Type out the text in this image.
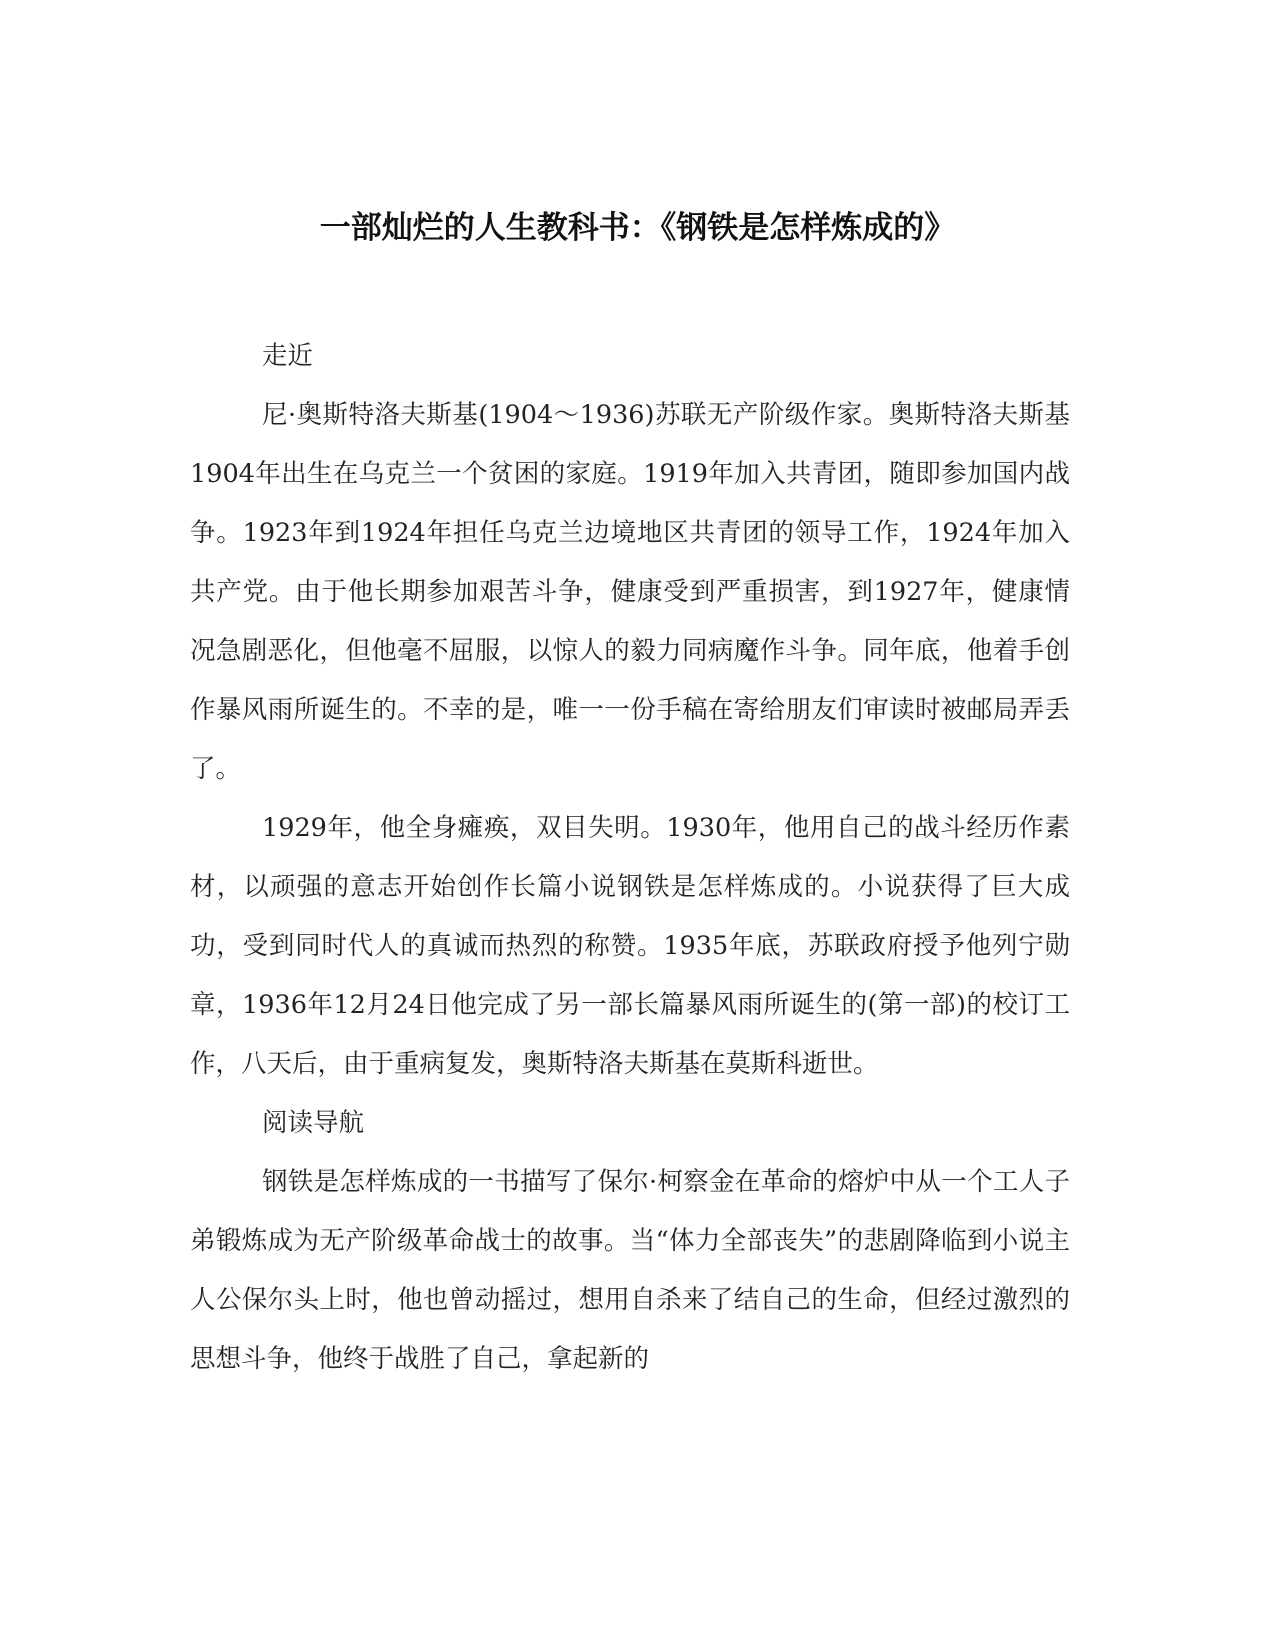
一部灿烂的人生教科书：《钢铁是怎样炼成的》

走近

尼·奥斯特洛夫斯基(1904～1936)苏联无产阶级作家。奥斯特洛夫斯基1904年出生在乌克兰一个贫困的家庭。1919年加入共青团，随即参加国内战争。1923年到1924年担任乌克兰边境地区共青团的领导工作，1924年加入共产党。由于他长期参加艰苦斗争，健康受到严重损害，到1927年，健康情况急剧恶化，但他毫不屈服，以惊人的毅力同病魔作斗争。同年底，他着手创作暴风雨所诞生的。不幸的是，唯一一份手稿在寄给朋友们审读时被邮局弄丢了。

1929年，他全身瘫痪，双目失明。1930年，他用自己的战斗经历作素材，以顽强的意志开始创作长篇小说钢铁是怎样炼成的。小说获得了巨大成功，受到同时代人的真诚而热烈的称赞。1935年底，苏联政府授予他列宁勋章，1936年12月24日他完成了另一部长篇暴风雨所诞生的(第一部)的校订工作，八天后，由于重病复发，奥斯特洛夫斯基在莫斯科逝世。

阅读导航

钢铁是怎样炼成的一书描写了保尔·柯察金在革命的熔炉中从一个工人子弟锻炼成为无产阶级革命战士的故事。当“体力全部丧失”的悲剧降临到小说主人公保尔头上时，他也曾动摇过，想用自杀来了结自己的生命，但经过激烈的思想斗争，他终于战胜了自己，拿起新的
